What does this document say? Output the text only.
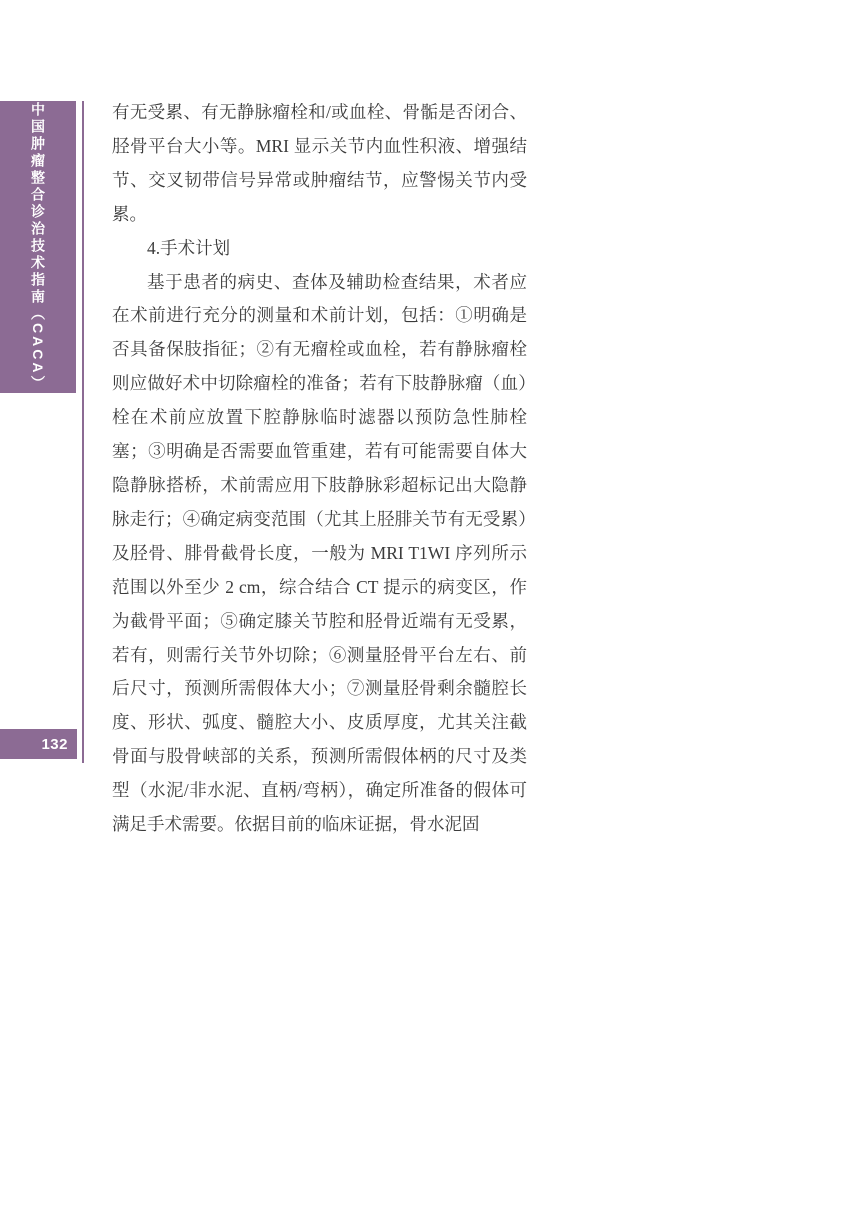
中国肿瘤整合诊治技术指南（CACA）
132

有无受累、有无静脉瘤栓和/或血栓、骨骺是否闭合、胫骨平台大小等。MRI 显示关节内血性积液、增强结节、交叉韧带信号异常或肿瘤结节，应警惕关节内受累。

4.手术计划

基于患者的病史、查体及辅助检查结果，术者应在术前进行充分的测量和术前计划，包括：①明确是否具备保肢指征；②有无瘤栓或血栓，若有静脉瘤栓则应做好术中切除瘤栓的准备；若有下肢静脉瘤（血）栓在术前应放置下腔静脉临时滤器以预防急性肺栓塞；③明确是否需要血管重建，若有可能需要自体大隐静脉搭桥，术前需应用下肢静脉彩超标记出大隐静脉走行；④确定病变范围（尤其上胫腓关节有无受累）及胫骨、腓骨截骨长度，一般为 MRI T1WI 序列所示范围以外至少 2 cm，综合结合 CT 提示的病变区，作为截骨平面；⑤确定膝关节腔和胫骨近端有无受累，若有，则需行关节外切除；⑥测量胫骨平台左右、前后尺寸，预测所需假体大小；⑦测量胫骨剩余髓腔长度、形状、弧度、髓腔大小、皮质厚度，尤其关注截骨面与股骨峡部的关系，预测所需假体柄的尺寸及类型（水泥/非水泥、直柄/弯柄），确定所准备的假体可满足手术需要。依据目前的临床证据，骨水泥固
